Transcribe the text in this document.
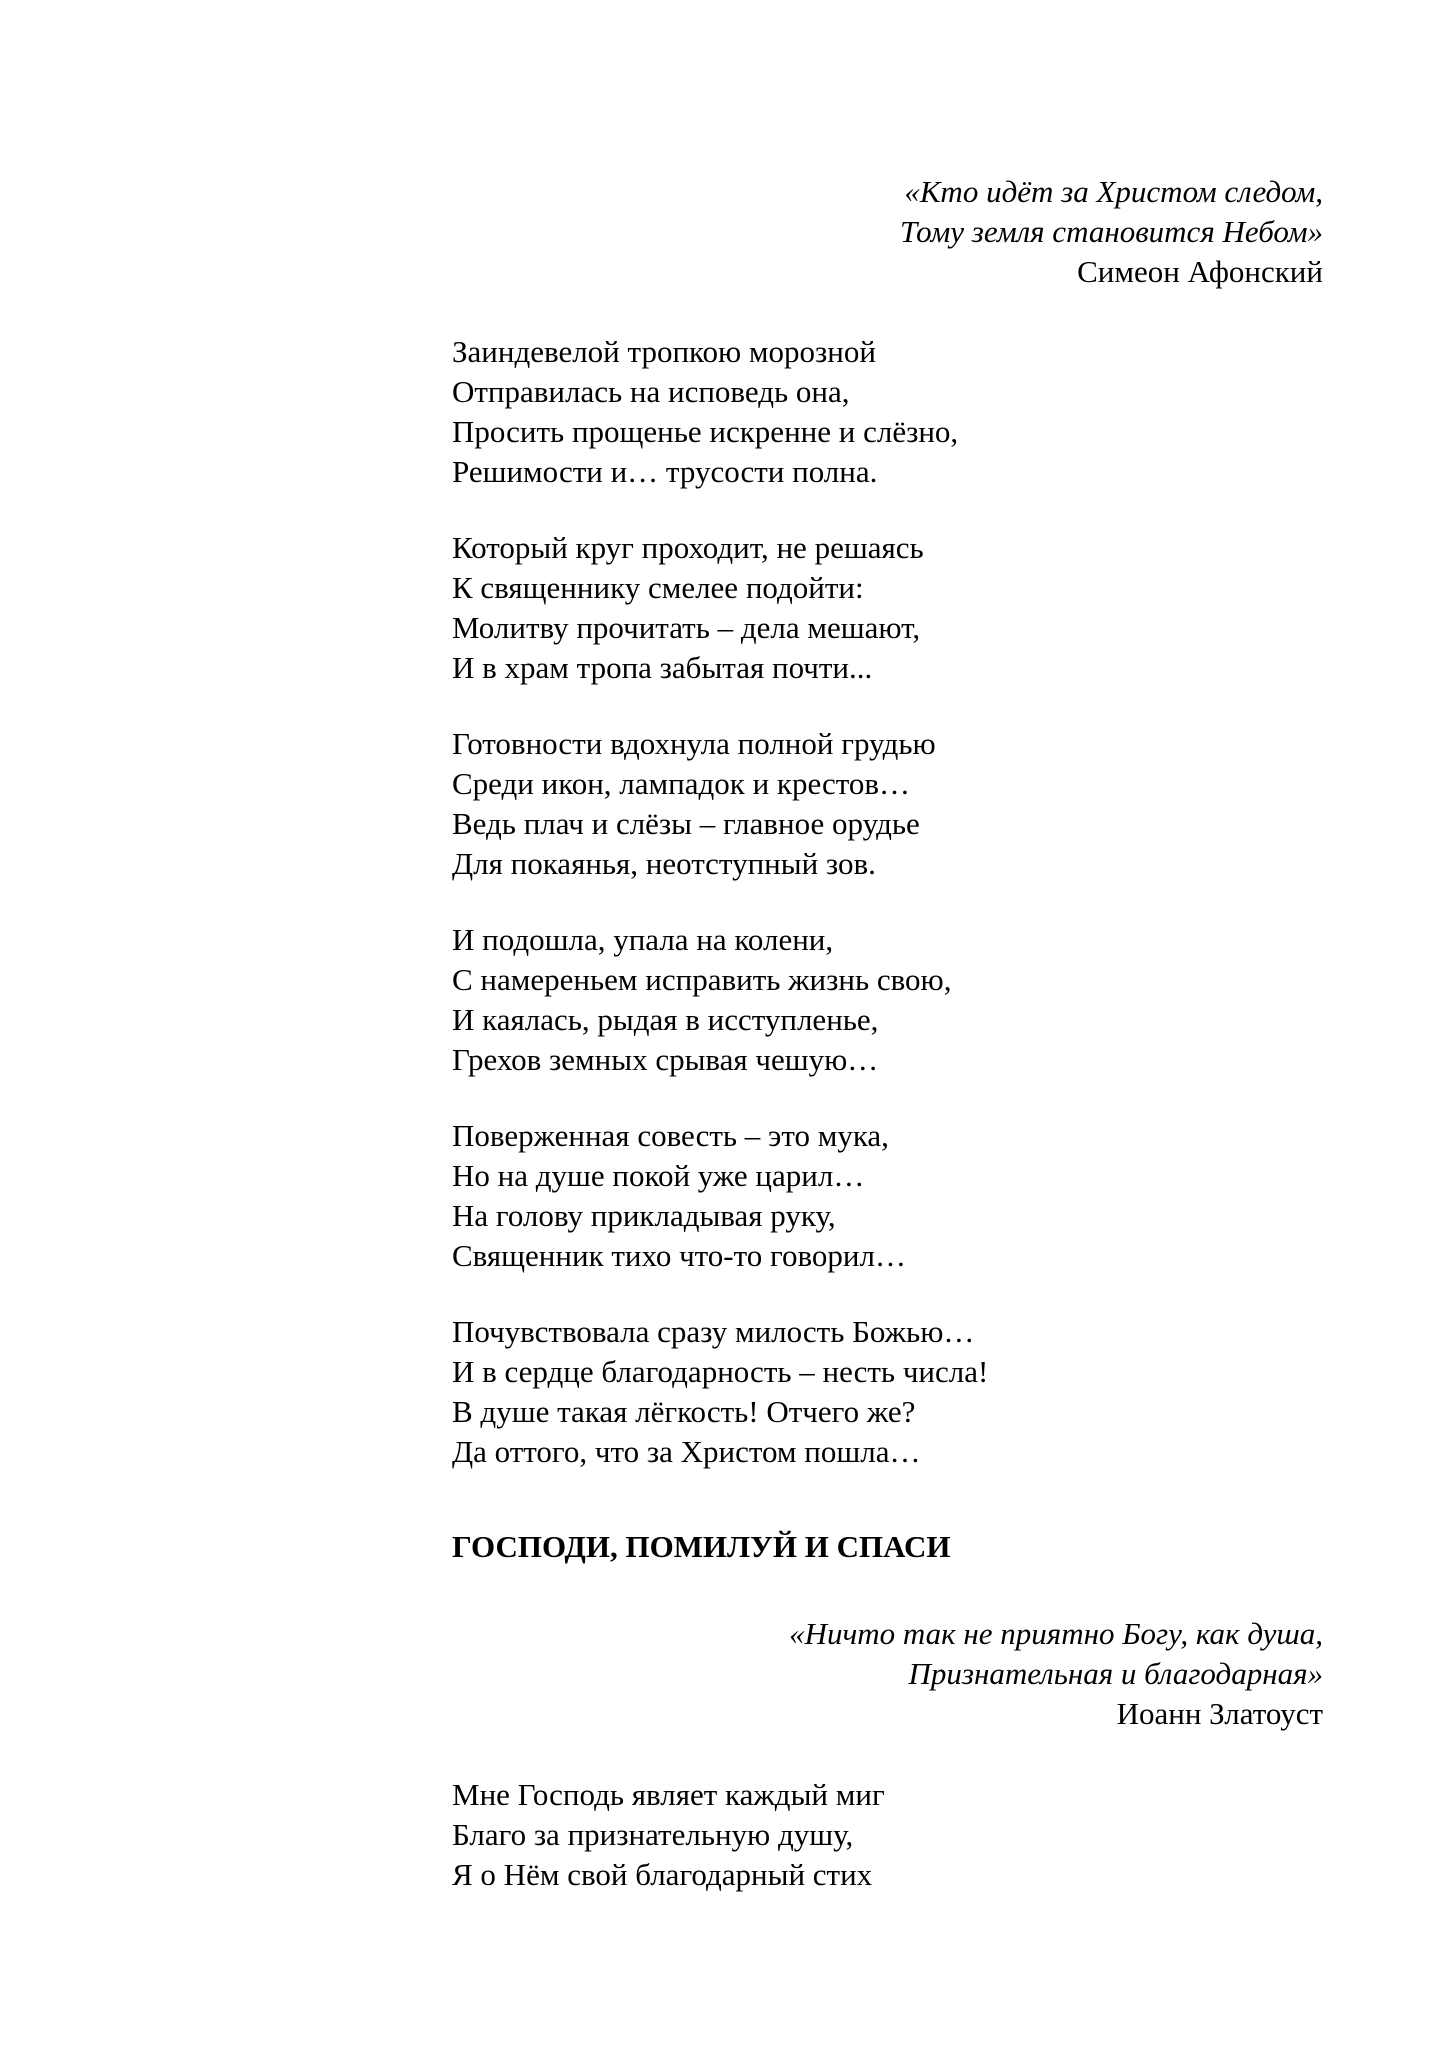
«Кто идёт за Христом следом,
Тому земля становится Небом»
Симеон Афонский
Заиндевелой тропкою морозной
Отправилась на исповедь она,
Просить прощенье искренне и слёзно,
Решимости и… трусости полна.
Который круг проходит, не решаясь
К священнику смелее подойти:
Молитву прочитать – дела мешают,
И в храм тропа забытая почти...
Готовности вдохнула полной грудью
Среди икон, лампадок и крестов…
Ведь плач и слёзы – главное орудье
Для покаянья, неотступный зов.
И подошла, упала на колени,
С намереньем исправить жизнь свою,
И каялась, рыдая в исступленье,
Грехов земных срывая чешую…
Поверженная совесть – это мука,
Но на душе покой уже царил…
На голову прикладывая руку,
Священник тихо что-то говорил…
Почувствовала сразу милость Божью…
И в сердце благодарность – несть числа!
В душе такая лёгкость! Отчего же?
Да оттого, что за Христом пошла…
ГОСПОДИ, ПОМИЛУЙ И СПАСИ
«Ничто так не приятно Богу, как душа,
Признательная и благодарная»
Иоанн Златоуст
Мне Господь являет каждый миг
Благо за признательную душу,
Я о Нём свой благодарный стих
